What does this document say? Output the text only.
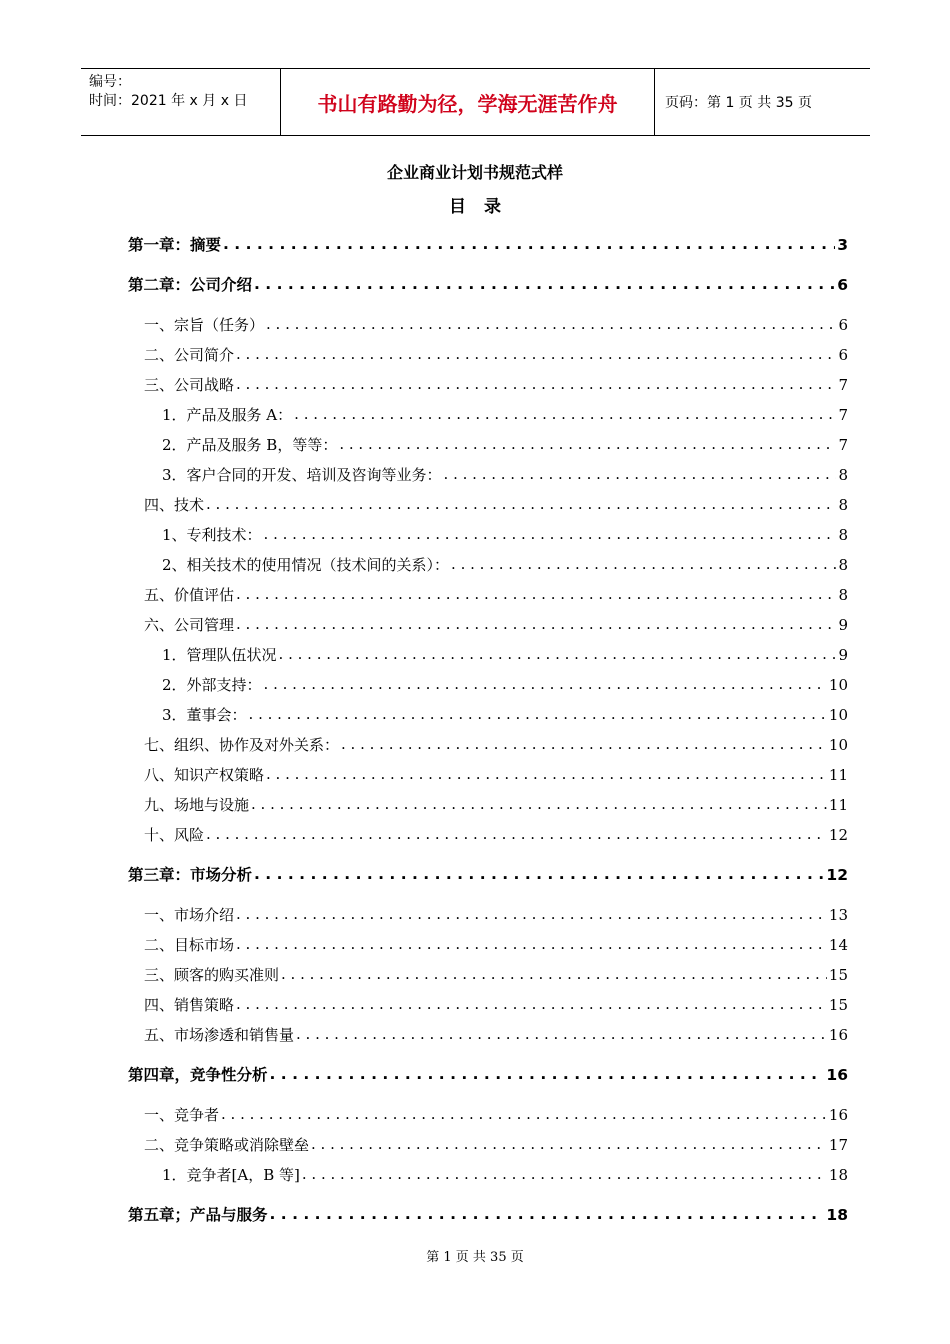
编号：
时间：2021 年 x 月 x 日	书山有路勤为径，学海无涯苦作舟	页码：第 1 页 共 35 页
企业商业计划书规范式样
目录
第一章：摘要 . . .	3
第二章：公司介绍 . . .	6
一、宗旨（任务） . . .	6
二、公司简介 . . .	6
三、公司战略 . . .	7
1．产品及服务 A： . . .	7
2．产品及服务 B，等等： . . .	7
3．客户合同的开发、培训及咨询等业务： . . .	8
四、技术 . . .	8
1、专利技术： . . .	8
2、相关技术的使用情况（技术间的关系）： . . .	8
五、价值评估 . . .	8
六、公司管理 . . .	9
1．管理队伍状况 . . .	9
2．外部支持： . . .	10
3．董事会： . . .	10
七、组织、协作及对外关系： . . .	10
八、知识产权策略 . . .	11
九、场地与设施 . . .	11
十、风险 . . .	12
第三章：市场分析 . . .	12
一、市场介绍 . . .	13
二、目标市场 . . .	14
三、顾客的购买准则 . . .	15
四、销售策略 . . .	15
五、市场渗透和销售量 . . .	16
第四章，竞争性分析 . . .	16
一、竞争者 . . .	16
二、竞争策略或消除壁垒 . . .	17
1．竞争者[A，B 等] . . .	18
第五章；产品与服务 . . .	18
第 1 页 共 35 页
